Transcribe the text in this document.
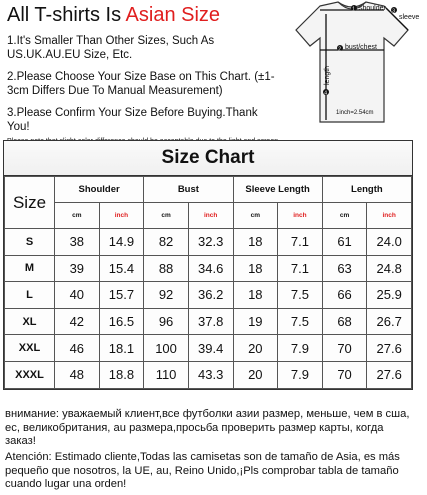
All T-shirts Is Asian Size

1.It's Smaller Than Other Sizes, Such As US.UK.AU.EU Size, Etc.

2.Please Choose Your Size Base on This Chart. (±1-3cm Differs Due To Manual Measurement)

3.Please Confirm Your Size Before Buying.Thank You!

1 shoulder 3
sleeve
2 bust/chest
4
length
1inch=2.54cm
Size Chart
Size	Shoulder		Bust		Sleeve Length		Length	
	cm	inch	cm	inch	cm	inch	cm	inch
S	38	14.9	82	32.3	18	7.1	61	24.0
M	39	15.4	88	34.6	18	7.1	63	24.8
L	40	15.7	92	36.2	18	7.5	66	25.9
XL	42	16.5	96	37.8	19	7.5	68	26.7
XXL	46	18.1	100	39.4	20	7.9	70	27.6
XXXL	48	18.8	110	43.3	20	7.9	70	27.6

внимание: уважаемый клиент,все футболки азии размер, меньше, чем в сша, ес, великобритания, au размера,просьба проверить размер карты, когда заказ!

Atención: Estimado cliente,Todas las camisetas son de tamaño de Asia, es más pequeño que nosotros, la UE, au, Reino Unido,¡Pls comprobar tabla de tamaño cuando lugar una orden!
